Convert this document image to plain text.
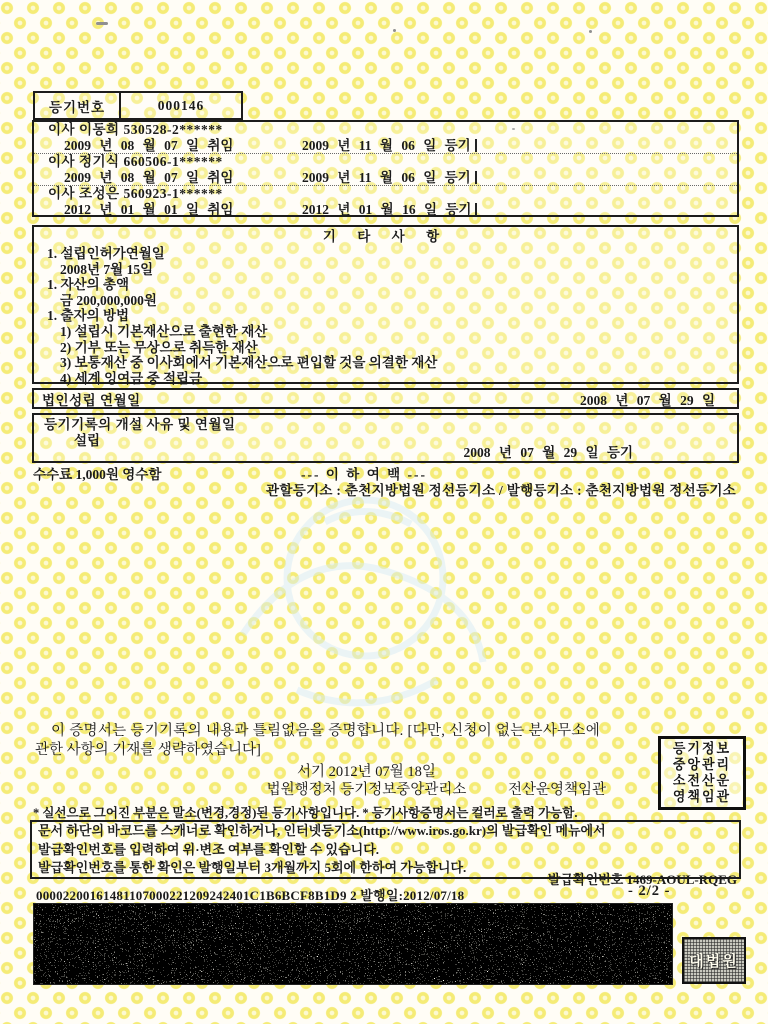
등기번호	000146
이사 이동희 530528-2******
2009 년 08 월 07 일 취임	2009 년 11 월 06 일 등기
이사 정기식 660506-1******
2009 년 08 월 07 일 취임	2009 년 11 월 06 일 등기
이사 조성은 560923-1******
2012 년 01 월 01 일 취임	2012 년 01 월 16 일 등기
기 타 사 항
1. 설립인허가연월일
2008년 7월 15일
1. 자산의 총액
금 200,000,000원
1. 출자의 방법
1) 설립시 기본재산으로 출현한 재산
2) 기부 또는 무상으로 취득한 재산
3) 보통재산 중 이사회에서 기본재산으로 편입할 것을 의결한 재산
4) 세계 잉여금 중 적립금
법인성립 연월일	2008 년 07 월 29 일
등기기록의 개설 사유 및 연월일
설립
2008 년 07 월 29 일 등기
수수료 1,000원 영수함	--- 이 하 여 백 ---
관할등기소 : 춘천지방법원 정선등기소 / 발행등기소 : 춘천지방법원 정선등기소
이 증명서는 등기기록의 내용과 틀림없음을 증명합니다. [다만, 신청이 없는 분사무소에
관한 사항의 기재를 생략하였습니다]
서기 2012년 07월 18일
법원행정처 등기정보중앙관리소	전산운영책임관
등기정보
중앙관리
소전산운
영책임관
* 실선으로 그어진 부분은 말소(변경,경정)된 등기사항입니다. * 등기사항증명서는 컬러로 출력 가능함.
문서 하단의 바코드를 스캐너로 확인하거나, 인터넷등기소(http://www.iros.go.kr)의 발급확인 메뉴에서
발급확인번호를 입력하여 위·변조 여부를 확인할 수 있습니다.
발급확인번호를 통한 확인은 발행일부터 3개월까지 5회에 한하여 가능합니다.
발급확인번호 1469-AOUL-RQEG
00002200161481107000221209242401C1B6BCF8B1D9 2 발행일:2012/07/18	- 2/2 -
대법원
